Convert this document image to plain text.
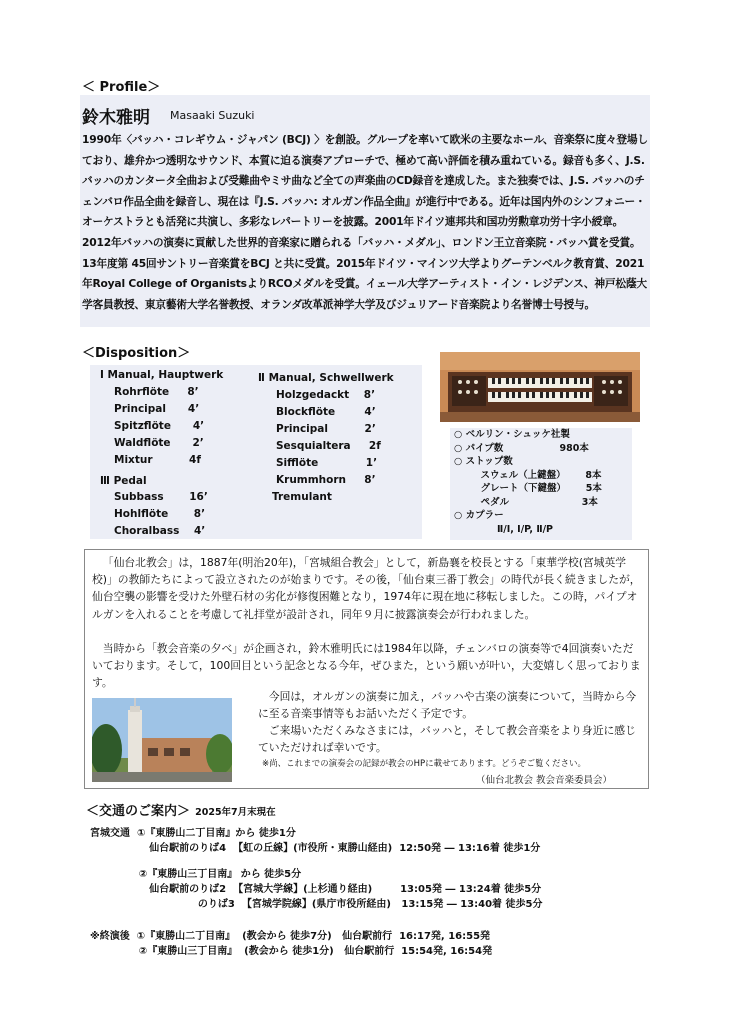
＜ Profile＞
鈴木雅明 Masaaki Suzuki
1990年〈バッハ・コレギウム・ジャパン (BCJ) 〉を創設。グループを率いて欧米の主要なホール、音楽祭に度々登場しており、雄弁かつ透明なサウンド、本質に迫る演奏アプローチで、極めて高い評価を積み重ねている。録音も多く、J.S. バッハのカンタータ全曲および受難曲やミサ曲など全ての声楽曲のCD録音を達成した。また独奏では、J.S. バッハのチェンバロ作品全曲を録音し、現在は『J.S. バッハ: オルガン作品全曲』が進行中である。近年は国内外のシンフォニー・オーケストラとも活発に共演し、多彩なレパートリーを披露。2001年ドイツ連邦共和国功労勲章功労十字小綬章。2012年バッハの演奏に貢献した世界的音楽家に贈られる「バッハ・メダル」、ロンドン王立音楽院・バッハ賞を受賞。13年度第 45回サントリー音楽賞をBCJ と共に受賞。2015年ドイツ・マインツ大学よりグーテンベルク教育賞、2021年Royal College of OrganistsよりRCOメダルを受賞。イェール大学アーティスト・イン・レジデンス、神戸松蔭大学客員教授、東京藝術大学名誉教授、オランダ改革派神学大学及びジュリアード音楽院より名誉博士号授与。
＜Disposition＞
Ⅰ Manual, Hauptwerk
Rohrflöte     8’
Principal      4’
Spitzflöte      4’
Waldflöte      2’
Mixtur          4f
Ⅲ Pedal
Subbass       16’
Hohlflöte       8’
Choralbass    4’
Ⅱ Manual, Schwellwerk
Holzgedackt    8’
Blockflöte        4’
Principal          2’
Sesquialtera     2f
Sifflöte             1’
Krummhorn     8’
Tremulant
○ ベルリン・シュッケ社製
○ パイプ数                 980本
○ ストップ数
スウェル（上鍵盤）      8本
グレート（下鍵盤）      5本
ペダル                      3本
○ カプラー
Ⅱ/Ⅰ, Ⅰ/P, Ⅱ/P
「仙台北教会」は，1887年(明治20年)，「宮城組合教会」として，新島襄を校長とする「東華学校(宮城英学校)」の教師たちによって設立されたのが始まりです。その後，「仙台東三番丁教会」の時代が長く続きましたが，仙台空襲の影響を受けた外壁石材の劣化が修復困難となり，1974年に現在地に移転しました。この時，パイプオルガンを入れることを考慮して礼拝堂が設計され，同年９月に披露演奏会が行われました。
当時から「教会音楽の夕べ」が企画され，鈴木雅明氏には1984年以降，チェンバロの演奏等で4回演奏いただいております。そして，100回目という記念となる今年，ぜひまた，という願いが叶い，大変嬉しく思っております。
今回は，オルガンの演奏に加え，バッハや古楽の演奏について，当時から今に至る音楽事情等もお話いただく予定です。
ご来場いただくみなさまには，バッハと，そして教会音楽をより身近に感じていただければ幸いです。
※尚、これまでの演奏会の記録が教会のHPに載せてあります。どうぞご覧ください。
（仙台北教会 教会音楽委員会）
＜交通のご案内＞ 2025年7月末現在
宮城交通  ①『東勝山二丁目南』から 徒歩1分
仙台駅前のりば4  【虹の丘線】(市役所・東勝山経由)  12:50発 ― 13:16着 徒歩1分
②『東勝山三丁目南』 から 徒歩5分
仙台駅前のりば2  【宮城大学線】(上杉通り経由)        13:05発 ― 13:24着 徒歩5分
のりば3  【宮城学院線】(県庁市役所経由)   13:15発 ― 13:40着 徒歩5分
※終演後  ①『東勝山二丁目南』  (教会から 徒歩7分)   仙台駅前行  16:17発, 16:55発
②『東勝山三丁目南』  (教会から 徒歩1分)   仙台駅前行  15:54発, 16:54発
